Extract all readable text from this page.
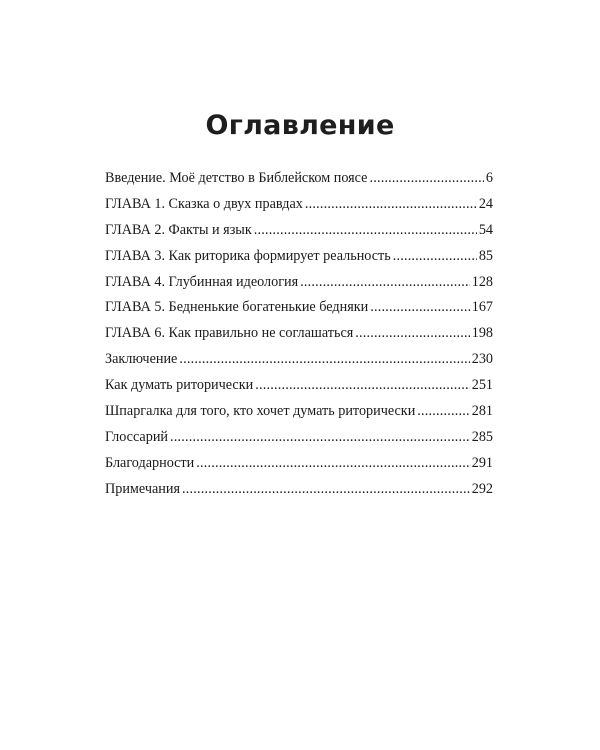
Оглавление
Введение. Моё детство в Библейском поясе .....	6
ГЛАВА 1. Сказка о двух правдах .....	24
ГЛАВА 2. Факты и язык .....	54
ГЛАВА 3. Как риторика формирует реальность .....	85
ГЛАВА 4. Глубинная идеология .....	128
ГЛАВА 5. Бедненькие богатенькие бедняки .....	167
ГЛАВА 6. Как правильно не соглашаться .....	198
Заключение .....	230
Как думать риторически .....	251
Шпаргалка для того, кто хочет думать риторически .....	281
Глоссарий .....	285
Благодарности .....	291
Примечания .....	292
